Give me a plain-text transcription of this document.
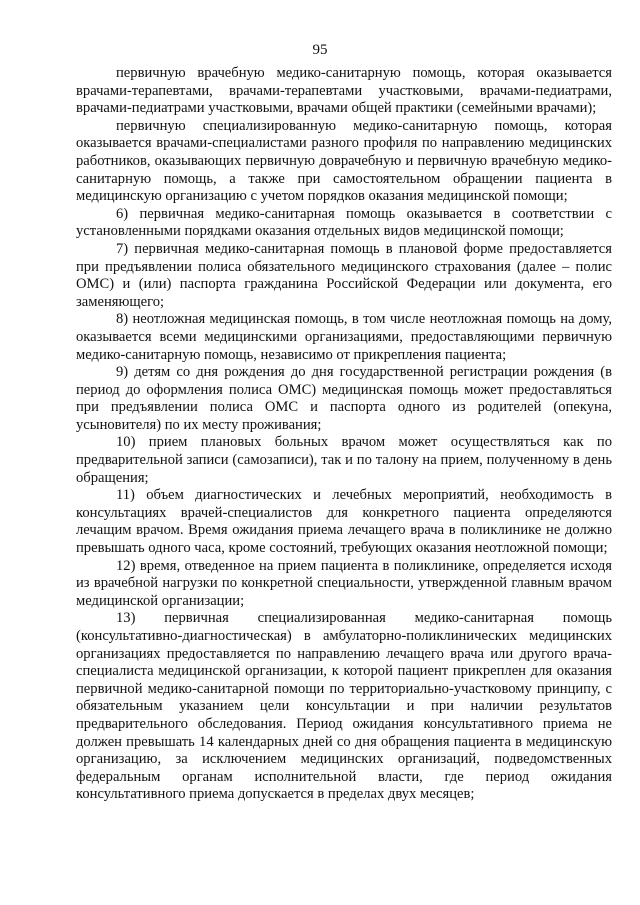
95

первичную врачебную медико-санитарную помощь, которая оказывается врачами-терапевтами, врачами-терапевтами участковыми, врачами-педиатрами, врачами-педиатрами участковыми, врачами общей практики (семейными врачами);

первичную специализированную медико-санитарную помощь, которая оказывается врачами-специалистами разного профиля по направлению медицинских работников, оказывающих первичную доврачебную и первичную врачебную медико-санитарную помощь, а также при самостоятельном обращении пациента в медицинскую организацию с учетом порядков оказания медицинской помощи;

6) первичная медико-санитарная помощь оказывается в соответствии с установленными порядками оказания отдельных видов медицинской помощи;

7) первичная медико-санитарная помощь в плановой форме предоставляется при предъявлении полиса обязательного медицинского страхования (далее – полис ОМС) и (или) паспорта гражданина Российской Федерации или документа, его заменяющего;

8) неотложная медицинская помощь, в том числе неотложная помощь на дому, оказывается всеми медицинскими организациями, предоставляющими первичную медико-санитарную помощь, независимо от прикрепления пациента;

9) детям со дня рождения до дня государственной регистрации рождения (в период до оформления полиса ОМС) медицинская помощь может предоставляться при предъявлении полиса ОМС и паспорта одного из родителей (опекуна, усыновителя) по их месту проживания;

10) прием плановых больных врачом может осуществляться как по предварительной записи (самозаписи), так и по талону на прием, полученному в день обращения;

11) объем диагностических и лечебных мероприятий, необходимость в консультациях врачей-специалистов для конкретного пациента определяются лечащим врачом. Время ожидания приема лечащего врача в поликлинике не должно превышать одного часа, кроме состояний, требующих оказания неотложной помощи;

12) время, отведенное на прием пациента в поликлинике, определяется исходя из врачебной нагрузки по конкретной специальности, утвержденной главным врачом медицинской организации;

13) первичная специализированная медико-санитарная помощь (консультативно-диагностическая) в амбулаторно-поликлинических медицинских организациях предоставляется по направлению лечащего врача или другого врача-специалиста медицинской организации, к которой пациент прикреплен для оказания первичной медико-санитарной помощи по территориально-участковому принципу, с обязательным указанием цели консультации и при наличии результатов предварительного обследования. Период ожидания консультативного приема не должен превышать 14 календарных дней со дня обращения пациента в медицинскую организацию, за исключением медицинских организаций, подведомственных федеральным органам исполнительной власти, где период ожидания консультативного приема допускается в пределах двух месяцев;
